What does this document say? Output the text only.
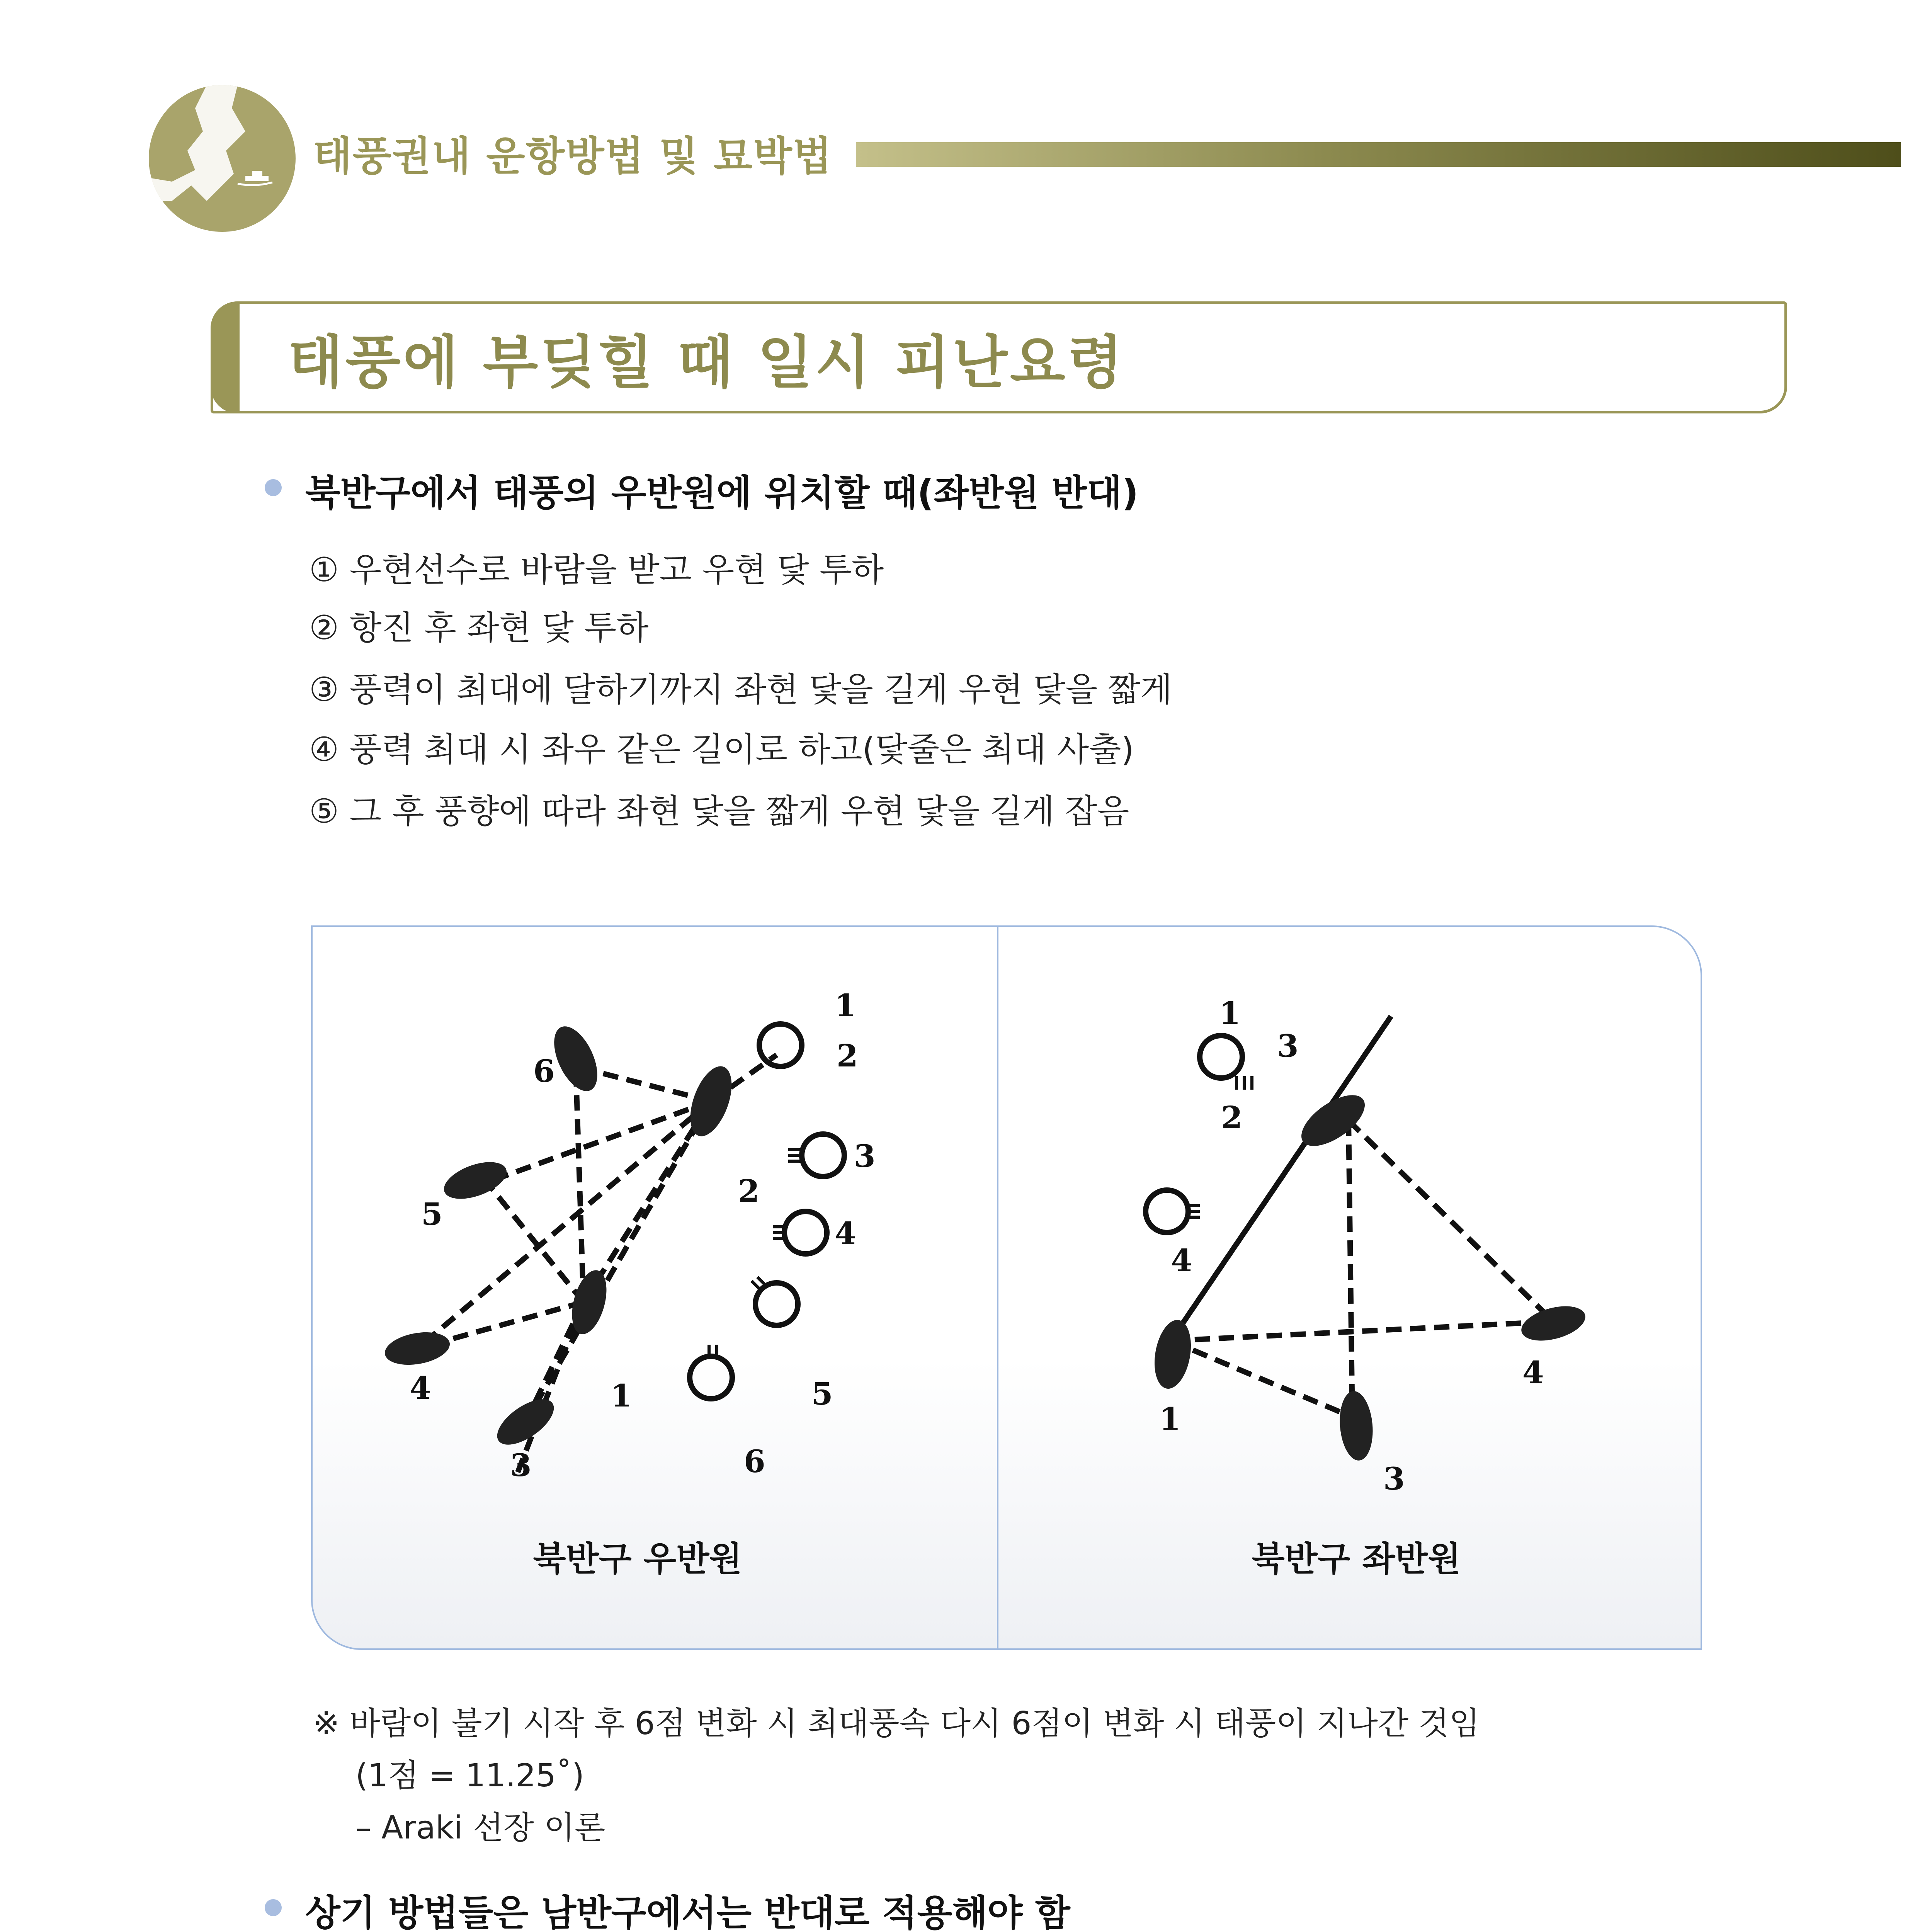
태풍권내 운항방법 및 묘박법
태풍에 부딪힐 때 일시 피난요령
북반구에서 태풍의 우반원에 위치할 때(좌반원 반대)
① 우현선수로 바람을 받고 우현 닻 투하
② 항진 후 좌현 닻 투하
③ 풍력이 최대에 달하기까지 좌현 닻을 길게 우현 닻을 짧게
④ 풍력 최대 시 좌우 같은 길이로 하고(닻줄은 최대 사출)
⑤ 그 후 풍향에 따라 좌현 닻을 짧게 우현 닻을 길게 잡음
6
5
4
3
2
1
1
2
3
4
5
6
1
3
2
4
1
3
4
북반구 우반원	북반구 좌반원
※ 바람이 불기 시작 후 6점 변화 시 최대풍속 다시 6점이 변화 시 태풍이 지나간 것임
(1점 = 11.25˚)
– Araki 선장 이론
상기 방법들은 남반구에서는 반대로 적용해야 함
